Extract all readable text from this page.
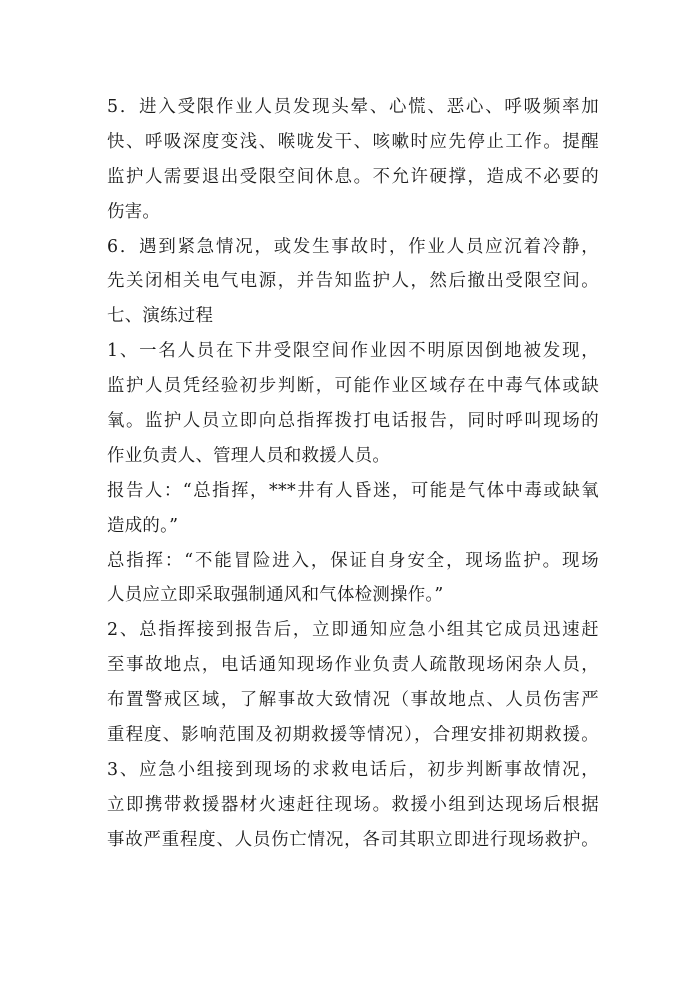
5．进入受限作业人员发现头晕、心慌、恶心、呼吸频率加
快、呼吸深度变浅、喉咙发干、咳嗽时应先停止工作。提醒
监护人需要退出受限空间休息。不允许硬撑，造成不必要的
伤害。
6．遇到紧急情况，或发生事故时，作业人员应沉着冷静，
先关闭相关电气电源，并告知监护人，然后撤出受限空间。
七、演练过程
1、一名人员在下井受限空间作业因不明原因倒地被发现，
监护人员凭经验初步判断，可能作业区域存在中毒气体或缺
氧。监护人员立即向总指挥拨打电话报告，同时呼叫现场的
作业负责人、管理人员和救援人员。
报告人：“总指挥，***井有人昏迷，可能是气体中毒或缺氧
造成的。”
总指挥：“不能冒险进入，保证自身安全，现场监护。现场
人员应立即采取强制通风和气体检测操作。”
2、总指挥接到报告后，立即通知应急小组其它成员迅速赶
至事故地点，电话通知现场作业负责人疏散现场闲杂人员，
布置警戒区域，了解事故大致情况（事故地点、人员伤害严
重程度、影响范围及初期救援等情况），合理安排初期救援。
3、应急小组接到现场的求救电话后，初步判断事故情况，
立即携带救援器材火速赶往现场。救援小组到达现场后根据
事故严重程度、人员伤亡情况，各司其职立即进行现场救护。
